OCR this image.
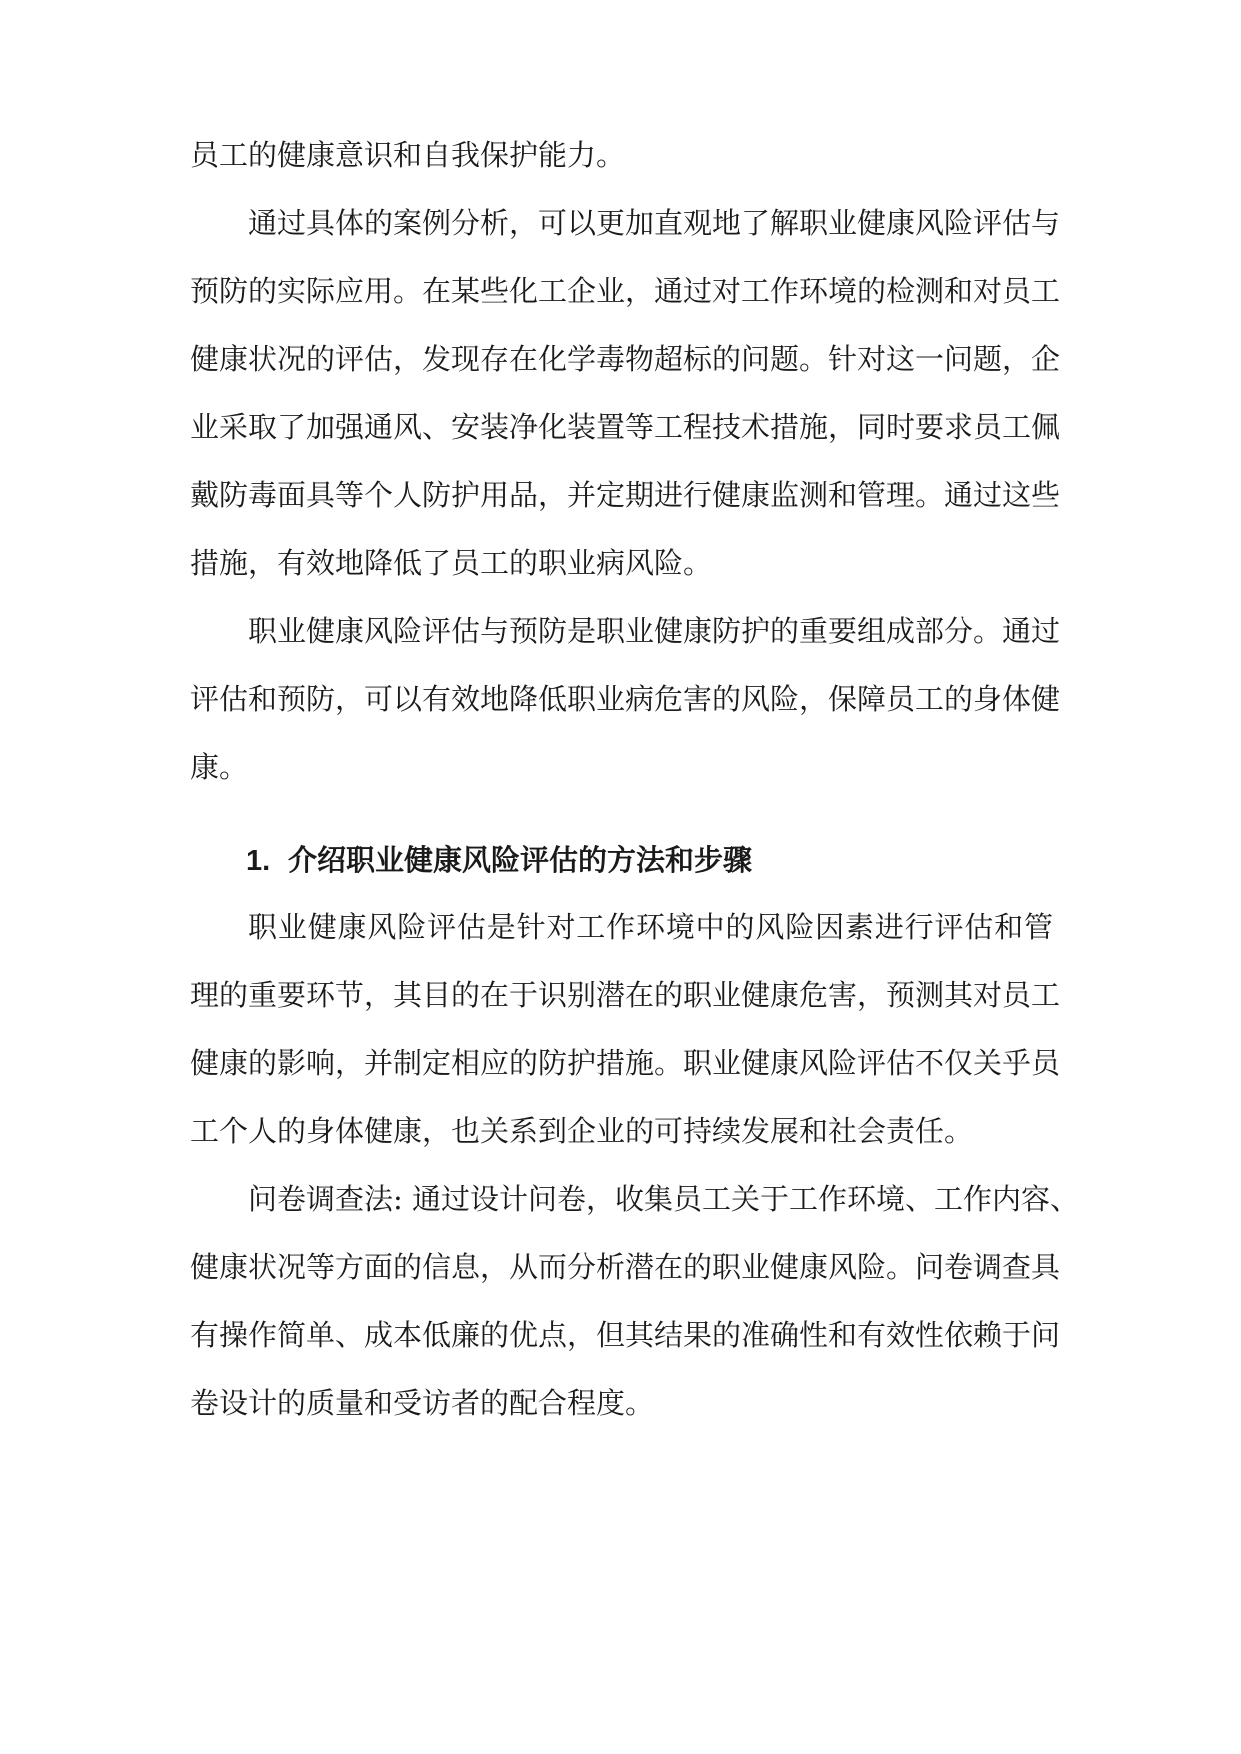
员工的健康意识和自我保护能力。
通过具体的案例分析，可以更加直观地了解职业健康风险评估与
预防的实际应用。在某些化工企业，通过对工作环境的检测和对员工
健康状况的评估，发现存在化学毒物超标的问题。针对这一问题，企
业采取了加强通风、安装净化装置等工程技术措施，同时要求员工佩
戴防毒面具等个人防护用品，并定期进行健康监测和管理。通过这些
措施，有效地降低了员工的职业病风险。
职业健康风险评估与预防是职业健康防护的重要组成部分。通过
评估和预防，可以有效地降低职业病危害的风险，保障员工的身体健
康。
1. 介绍职业健康风险评估的方法和步骤
职业健康风险评估是针对工作环境中的风险因素进行评估和管
理的重要环节，其目的在于识别潜在的职业健康危害，预测其对员工
健康的影响，并制定相应的防护措施。职业健康风险评估不仅关乎员
工个人的身体健康，也关系到企业的可持续发展和社会责任。
问卷调查法: 通过设计问卷，收集员工关于工作环境、工作内容、
健康状况等方面的信息，从而分析潜在的职业健康风险。问卷调查具
有操作简单、成本低廉的优点，但其结果的准确性和有效性依赖于问
卷设计的质量和受访者的配合程度。
